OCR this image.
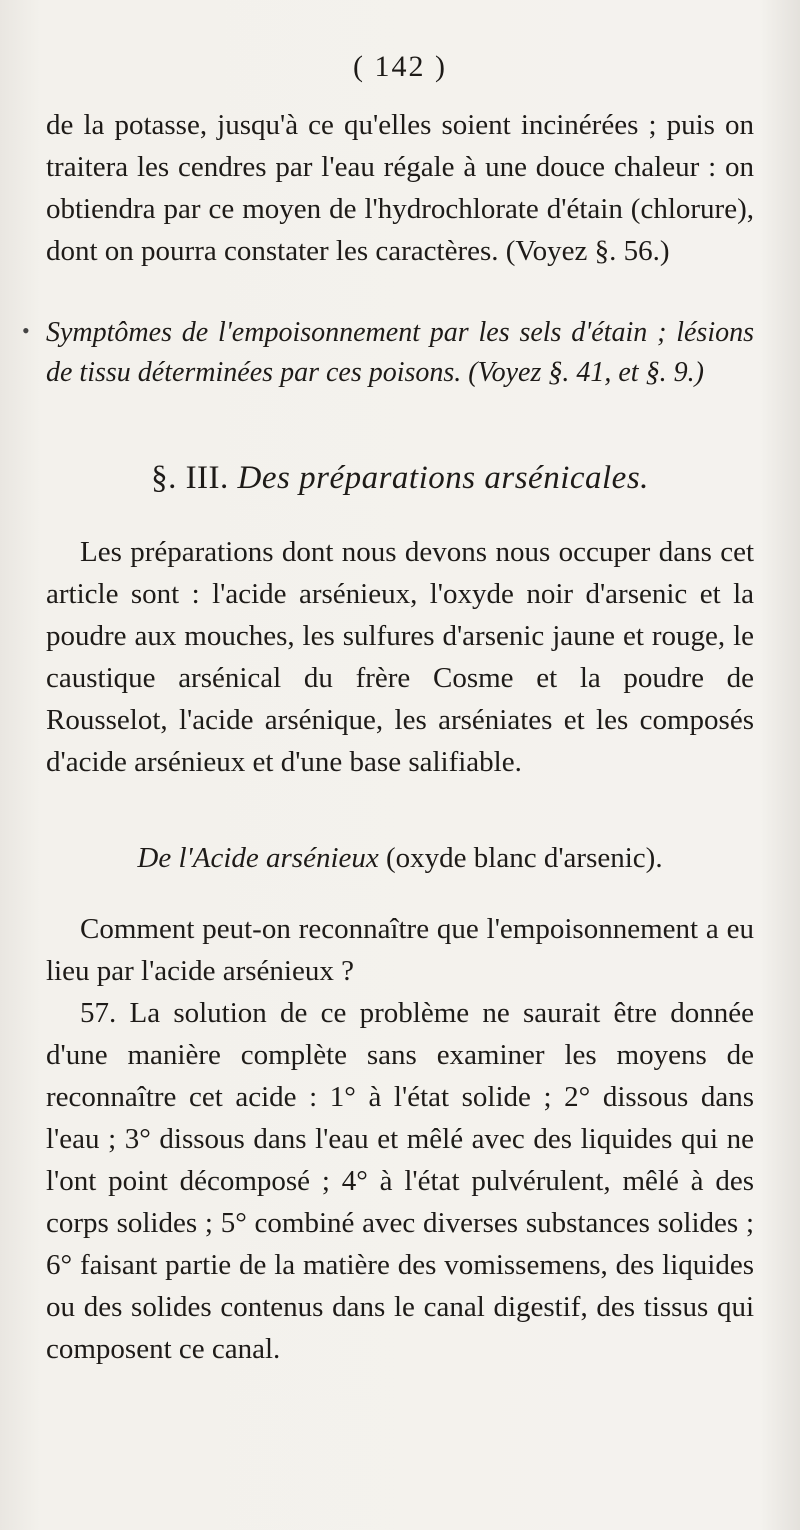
( 142 )

de la potasse, jusqu'à ce qu'elles soient incinérées ; puis on traitera les cendres par l'eau régale à une douce chaleur : on obtiendra par ce moyen de l'hydrochlorate d'étain (chlorure), dont on pourra constater les caractères. (Voyez §. 56.)

• Symptômes de l'empoisonnement par les sels d'étain ; lésions de tissu déterminées par ces poisons. (Voyez §. 41, et §. 9.)

§. III. Des préparations arsénicales.

Les préparations dont nous devons nous occuper dans cet article sont : l'acide arsénieux, l'oxyde noir d'arsenic et la poudre aux mouches, les sulfures d'arsenic jaune et rouge, le caustique arsénical du frère Cosme et la poudre de Rousselot, l'acide arsénique, les arséniates et les composés d'acide arsénieux et d'une base salifiable.

De l'Acide arsénieux (oxyde blanc d'arsenic).

Comment peut-on reconnaître que l'empoisonnement a eu lieu par l'acide arsénieux ?

57. La solution de ce problème ne saurait être donnée d'une manière complète sans examiner les moyens de reconnaître cet acide : 1° à l'état solide ; 2° dissous dans l'eau ; 3° dissous dans l'eau et mêlé avec des liquides qui ne l'ont point décomposé ; 4° à l'état pulvérulent, mêlé à des corps solides ; 5° combiné avec diverses substances solides ; 6° faisant partie de la matière des vomissemens, des liquides ou des solides contenus dans le canal digestif, des tissus qui composent ce canal.
